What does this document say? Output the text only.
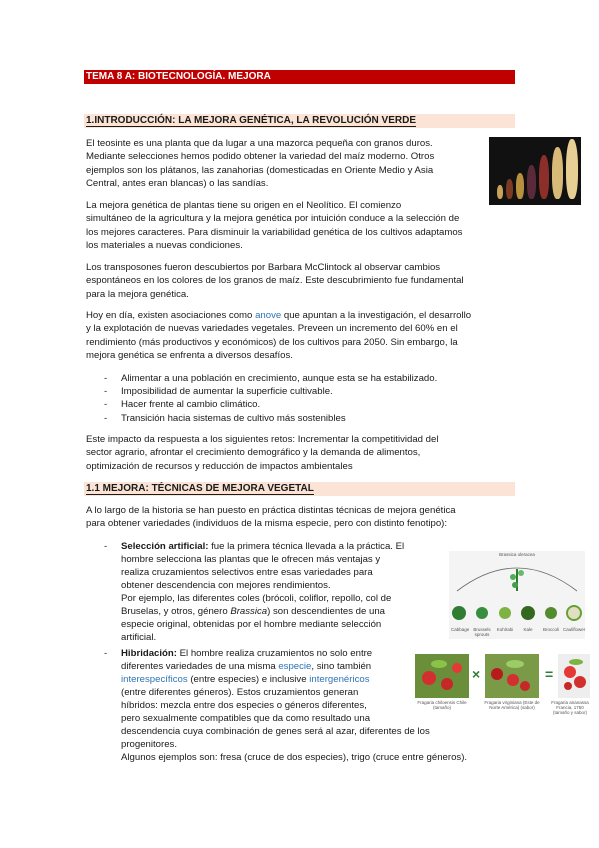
TEMA 8 A: BIOTECNOLOGÍA. MEJORA
1.INTRODUCCIÓN: LA MEJORA GENÉTICA, LA REVOLUCIÓN VERDE

El teosinte es una planta que da lugar a una mazorca pequeña con granos duros.

Mediante selecciones hemos podido obtener la variedad del maíz moderno. Otros

ejemplos son los plátanos, las zanahorias (domesticadas en Oriente Medio y Asia

Central, antes eran blancas) o las sandías.

La mejora genética de plantas tiene su origen en el Neolítico. El comienzo

simultáneo de la agricultura y la mejora genética por intuición conduce a la selección de

los mejores caracteres. Para disminuir la variabilidad genética de los cultivos adaptamos

los materiales a nuevas condiciones.

Los transposones fueron descubiertos por Barbara McClintock al observar cambios

espontáneos en los colores de los granos de maíz. Este descubrimiento fue fundamental

para la mejora genética.

Hoy en día, existen asociaciones como anove que apuntan a la investigación, el desarrollo

y la explotación de nuevas variedades vegetales. Preveen un incremento del 60% en el

rendimiento (más productivos y económicos) de los cultivos para 2050. Sin embargo, la

mejora genética se enfrenta a diversos desafíos.

- Alimentar a una población en crecimiento, aunque esta se ha estabilizado.
- Imposibilidad de aumentar la superficie cultivable.
- Hacer frente al cambio climático.
- Transición hacia sistemas de cultivo más sostenibles

Este impacto da respuesta a los siguientes retos: Incrementar la competitividad del

sector agrario, afrontar el crecimiento demográfico y la demanda de alimentos,

optimización de recursos y reducción de impactos ambientales

1.1 MEJORA: TÉCNICAS DE MEJORA VEGETAL

A lo largo de la historia se han puesto en práctica distintas técnicas de mejora genética

para obtener variedades (individuos de la misma especie, pero con distinto fenotipo):

- Selección artificial: fue la primera técnica llevada a la práctica. El
hombre selecciona las plantas que le ofrecen más ventajas y
realiza cruzamientos selectivos entre esas variedades para
obtener descendencia con mejores rendimientos.
Por ejemplo, las diferentes coles (brócoli, coliflor, repollo, col de
Bruselas, y otros, género Brassica) son descendientes de una
especie original, obtenidas por el hombre mediante selección
artificial.
Brassica oleracea
Cabbage Brussels sprouts
Kohlrabi	Kale	Broccoli Cauliflower
- Hibridación: El hombre realiza cruzamientos no solo entre
diferentes variedades de una misma especie, sino también
interespecíficos (entre especies) e inclusive intergenéricos
(entre diferentes géneros). Estos cruzamientos generan
híbridos: mezcla entre dos especies o géneros diferentes,
pero sexualmente compatibles que da como resultado una
descendencia cuya combinación de genes será al azar, diferentes de los
progenitores.
Algunos ejemplos son: fresa (cruce de dos especies), trigo (cruce entre géneros).
×	=
Fragaria chiloensis Chile (tamaño)
Fragaria virginiana (Este de Norte América) (sabor)
Fragaria ananassa Francia, 1750 (tamaño y sabor)
